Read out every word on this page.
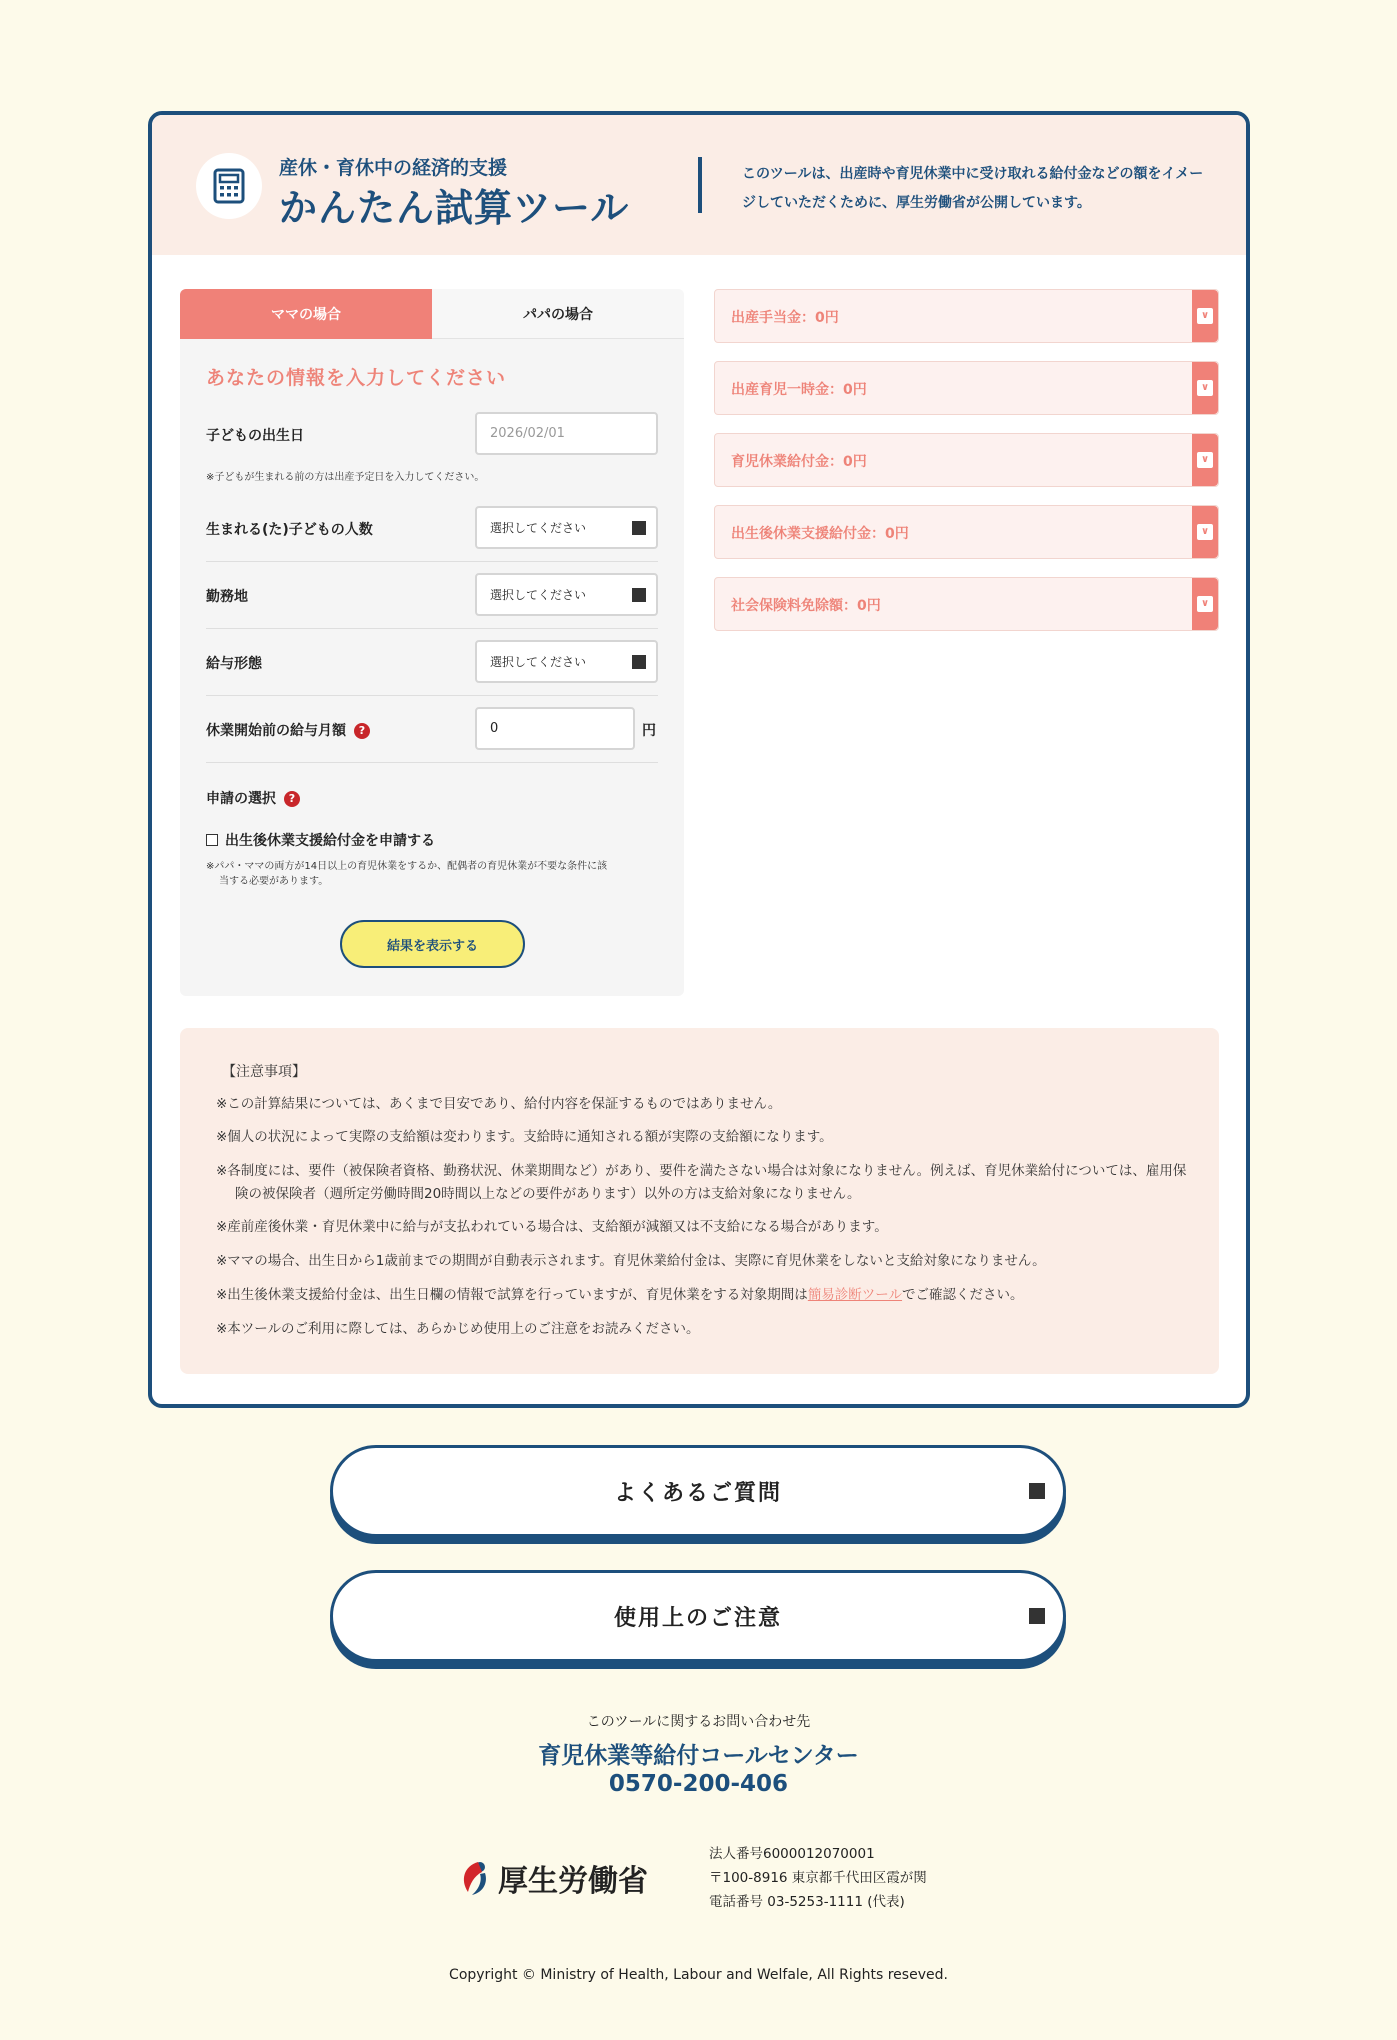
産休・育休中の経済的支援
かんたん試算ツール
このツールは、出産時や育児休業中に受け取れる給付金などの額をイメージしていただくために、厚生労働省が公開しています。
ママの場合	パパの場合
あなたの情報を入力してください
子どもの出生日	2026/02/01
※子どもが生まれる前の方は出産予定日を入力してください。
生まれる(た)子どもの人数	選択してください
勤務地	選択してください
給与形態	選択してください
休業開始前の給与月額 ?	0	円
申請の選択 ?
出生後休業支援給付金を申請する
※パパ・ママの両方が14日以上の育児休業をするか、配偶者の育児休業が不要な条件に該
当する必要があります。
結果を表示する
出産手当金：0円	∨
出産育児一時金：0円	∨
育児休業給付金：0円	∨
出生後休業支援給付金：0円	∨
社会保険料免除額：0円	∨
【注意事項】
※この計算結果については、あくまで目安であり、給付内容を保証するものではありません。
※個人の状況によって実際の支給額は変わります。支給時に通知される額が実際の支給額になります。
※各制度には、要件（被保険者資格、勤務状況、休業期間など）があり、要件を満たさない場合は対象になりません。例えば、育児休業給付については、雇用保険の被保険者（週所定労働時間20時間以上などの要件があります）以外の方は支給対象になりません。
※産前産後休業・育児休業中に給与が支払われている場合は、支給額が減額又は不支給になる場合があります。
※ママの場合、出生日から1歳前までの期間が自動表示されます。育児休業給付金は、実際に育児休業をしないと支給対象になりません。
※出生後休業支援給付金は、出生日欄の情報で試算を行っていますが、育児休業をする対象期間は簡易診断ツールでご確認ください。
※本ツールのご利用に際しては、あらかじめ使用上のご注意をお読みください。
よくあるご質問
使用上のご注意
このツールに関するお問い合わせ先
育児休業等給付コールセンター
0570-200-406
厚生労働省
法人番号6000012070001
〒100-8916 東京都千代田区霞が関
電話番号 03-5253-1111 (代表)
Copyright © Ministry of Health, Labour and Welfale, All Rights reseved.
